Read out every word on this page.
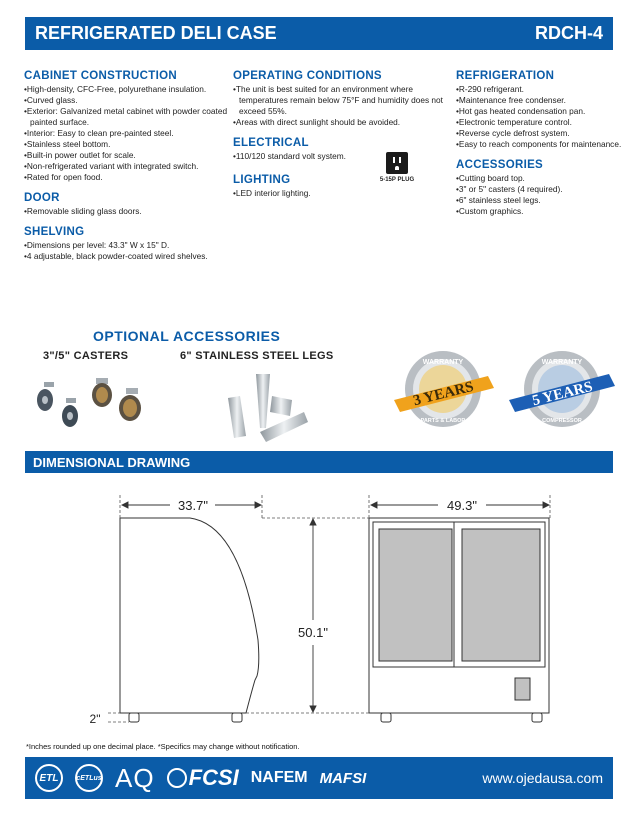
REFRIGERATED DELI CASE	RDCH-4
CABINET CONSTRUCTION
• High-density, CFC-Free, polyurethane insulation.
• Curved glass.
• Exterior: Galvanized metal cabinet with powder coated painted surface.
• Interior: Easy to clean pre-painted steel.
• Stainless steel bottom.
• Built-in power outlet for scale.
• Non-refrigerated variant with integrated switch.
• Rated for open food.
DOOR
• Removable sliding glass doors.
SHELVING
• Dimensions per level: 43.3" W x 15" D.
• 4 adjustable, black powder-coated wired shelves.
OPERATING CONDITIONS
• The unit is best suited for an environment where temperatures remain below 75°F and humidity does not exceed 55%.
• Areas with direct sunlight should be avoided.
ELECTRICAL
• 110/120 standard volt system.
LIGHTING
• LED interior lighting.
5-15P PLUG
REFRIGERATION
• R-290 refrigerant.
• Maintenance free condenser.
• Hot gas heated condensation pan.
• Electronic temperature control.
• Reverse cycle defrost system.
• Easy to reach components for maintenance.
ACCESSORIES
• Cutting board top.
• 3" or 5" casters (4 required).
• 6" stainless steel legs.
• Custom graphics.
OPTIONAL ACCESSORIES
3"/5" CASTERS	6" STAINLESS STEEL LEGS
WARRANTY
3 YEARS
PARTS & LABOR
WARRANTY
5 YEARS
COMPRESSOR
DIMENSIONAL DRAWING
33.7"	49.3"
50.1"
2"
*Inches rounded up one decimal place. *Specifics may change without notification.
ETL	cETLus AQ FCSI NAFEM MAFSI	www.ojedausa.com
